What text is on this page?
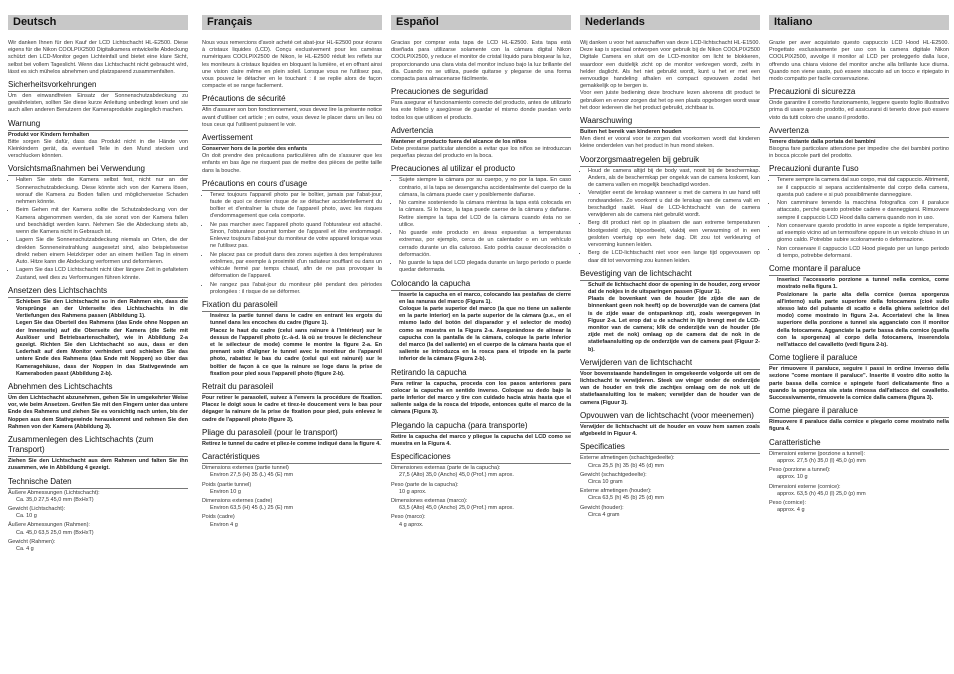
Deutsch

Wir danken Ihnen für den Kauf der LCD Lichtschacht HL-E2500. Diese eigens für die Nikon COOLPIX2500 Digitalkamera entwickelte Abdeckung schützt den LCD-Monitor gegen Lichteinfall und bietet eine klare Sicht, selbst bei vollem Tageslicht. Wenn das Lichtschacht nicht gebraucht wird, lässt es sich mühelos abnehmen und platzsparend zusammenfalten.

Sicherheitsvorkehrungen

Um den einwandfreien Einsatz der Sonnenschutzabdeckung zu gewährleisten, sollten Sie diese kurze Anleitung unbedingt lesen und sie auch allen anderen Benutzern der Kameraprodukte zugänglich machen.

Warnung

Produkt vor Kindern fernhalten

Bitte sorgen Sie dafür, dass das Produkt nicht in die Hände von Kleinkindern gerät, da eventuell Teile in den Mund stecken und verschlucken könnten.

Vorsichtsmaßnahmen bei Verwendung
• Halten Sie stets die Kamera selbst fest, nicht nur an der Sonnenschutzabdeckung. Diese könnte sich von der Kamera lösen, worauf die Kamera zu Boden fallen und möglicherweise Schaden nehmen könnte.
• Beim Gehen mit der Kamera sollte die Schutzabdeckung von der Kamera abgenommen werden, da sie sonst von der Kamera fallen und beschädigt werden kann. Nehmen Sie die Abdeckung stets ab, wenn die Kamera nicht in Gebrauch ist.
• Lagern Sie die Sonnenschutzabdeckung niemals an Orten, die der direkten Sonneneinstrahlung ausgesetzt sind, also beispielsweise direkt neben einem Heizkörper oder an einem heißen Tag in einem Auto. Hitze kann die Abdeckung verformen und deformieren.
• Lagern Sie das LCD Lichtschacht nicht über längere Zeit in gefaltetem Zustand, weil dies zu Verformungen führen könnte.
Ansetzen des Lichtschachts

Schieben Sie den Lichtschacht so in den Rahmen ein, dass die Vorsprünge an der Unterseite des Lichtschachts in die Vertiefungen des Rahmens passen (Abbildung 1).

Legen Sie das Oberteil des Rahmens (das Ende ohne Noppen an der Innenseite) auf die Oberseite der Kamera (die Seite mit Auslöser und Betriebsartenschalter), wie in Abbildung 2-a gezeigt. Richten Sie den Lichtschacht so aus, dass er den Lederhalt auf dem Monitor verhindert und schieben Sie das untere Ende des Rahmens (das Ende mit Noppen) so über das Kameragehäuse, dass der Noppen in das Stativgewinde am Kameraboden passt (Abbildung 2-b).

Abnehmen des Lichtschachts

Um den Lichtschacht abzunehmen, gehen Sie in umgekehrter Weise vor, wie beim Ansetzen. Greifen Sie mit den Fingern unter das untere Ende des Rahmens und ziehen Sie es vorsichtig nach unten, bis der Noppen aus dem Stativgewinde herauskommt und nehmen Sie den Rahmen von der Kamera (Abbildung 3).

Zusammenlegen des Lichtschachts (zum Transport)

Ziehen Sie den Lichtschacht aus dem Rahmen und falten Sie ihn zusammen, wie in Abbildung 4 gezeigt.

Technische Daten

Äußere Abmessungen (Lichtschacht):

Ca. 35,0 27,5 45,0 mm (BxHxT)

Gewicht (Lichtschacht):

Ca. 10 g

Äußere Abmessungen (Rahmen):

Ca. 45,0 63,5 25,0 mm (BxHxT)

Gewicht (Rahmen):

Ca. 4 g

Français

Nous vous remercions d'avoir acheté cet abat-jour HL-E2500 pour écrans à cristaux liquides (LCD). Conçu exclusivement pour les caméras numériques COOLPIX2500 de Nikon, le HL-E2500 réduit les reflets sur les moniteurs à cristaux liquides en bloquant la lumière, et en offrant ainsi une vision claire même en plein soleil. Lorsque vous ne l'utilisez pas, vous pouvez le détacher en le touchant : il se replie alors de façon compacte et se range facilement.

Précautions de sécurité

Afin d'assurer son bon fonctionnement, vous devez lire la présente notice avant d'utiliser cet article ; en outre, vous devez le placer dans un lieu où tous ceux qui l'utilisent puissent le voir.

Avertissement

Conserver hors de la portée des enfants

On doit prendre des précautions particulières afin de s'assurer que les enfants en bas âge ne risquent pas de mettre des pièces de petite taille dans la bouche.

Précautions en cours d'usage
• Tenez toujours l'appareil photo par le boîtier, jamais par l'abat-jour, faute de quoi ce dernier risque de se détacher accidentellement du boîtier et d'entraîner la chute de l'appareil photo, avec les risques d'endommagement que cela comporte.
• Ne pas marcher avec l'appareil photo quand l'obturateur est attaché. Sinon, l'obturateur pourrait tomber de l'appareil et être endommagé. Enlevez toujours l'abat-jour du moniteur de votre appareil lorsque vous ne l'utilisez pas.
• Ne placez pas ce produit dans des zones sujettes à des températures extrêmes, par exemple à proximité d'un radiateur soufflant ou dans un véhicule fermé par temps chaud, afin de ne pas provoquer la déformation de l'appareil.
• Ne rangez pas l'abat-jour du moniteur plié pendant des périodes prolongées : il risque de se déformer.
Fixation du parasoleil

Insérez la partie tunnel dans le cadre en entrant les ergots du tunnel dans les encoches du cadre (figure 1).

Placez le haut du cadre (celui sans rainure à l'intérieur) sur le dessus de l'appareil photo (c.-à-d. là où se trouve le déclencheur et le sélecteur de mode) comme le montre la figure 2-a. En prenant soin d'aligner le tunnel avec le moniteur de l'appareil photo, rabattez le bas du cadre (celui qui est rainuré) sur le boîtier de façon à ce que la rainure se loge dans la prise de fixation pour pied sous l'appareil photo (figure 2-b).

Retrait du parasoleil

Pour retirer le parasoleil, suivez à l'envers la procédure de fixation. Placez le doigt sous le cadre et tirez-le doucement vers le bas pour dégager la rainure de la prise de fixation pour pied, puis enlevez le cadre de l'appareil photo (figure 3).

Pliage du parasoleil (pour le transport)

Retirez le tunnel du cadre et pliez-le comme indiqué dans la figure 4.

Caractéristiques

Dimensions externes (partie tunnel)

Environ 27,5 (H) 35 (L) 45 (E) mm

Poids (partie tunnel)

Environ 10 g

Dimensions externes (cadre)

Environ 63,5 (H) 45 (L) 25 (E) mm

Poids (cadre)

Environ 4 g

Español

Gracias por comprar esta tapa de LCD HL-E2500. Esta tapa está diseñada para utilizarse solamente con la cámara digital Nikon COOLPIX2500, y reduce el monitor de cristal líquido para bloquear la luz, proporcionando una clara vista del monitor incluso bajo la luz brillante del día. Cuando no se utiliza, puede quitarse y plegarse de una forma compacta para almacenarse fácilmente.

Precauciones de seguridad

Para asegurar el funcionamiento correcto del producto, antes de utilizarlo lea este folleto y asegúrese de guardar el mismo donde puedan verlo todos los que utilicen el producto.

Advertencia

Mantener el producto fuera del alcance de los niños

Debe prestarse particular atención a evitar que los niños se introduzcan pequeñas piezas del producto en la boca.

Precauciones al utilizar el producto
• Sujete siempre la cámara por su cuerpo, y no por la tapa. En caso contrario, si la tapa se desengancha accidentalmente del cuerpo de la cámara, la cámara puede caer y posiblemente dañarse.
• No camine sosteniendo la cámara mientras la tapa está colocada en la cámara. Si lo hace, la tapa puede caerse de la cámara y dañarse. Retire siempre la tapa del LCD de la cámara cuando ésta no se utilice.
• No guarde este producto en áreas expuestas a temperaturas extremas, por ejemplo, cerca de un calentador o en un vehículo cerrado durante un día caluroso. Esto podría causar decoloración o deformación.
• No guarde la tapa del LCD plegada durante un largo período o puede quedar deformada.
Colocando la capucha

Inserte la capucha en el marco, colocando las pestañas de cierre en las ranuras del marco (Figura 1).

Coloque la parte superior del marco (la que no tiene un saliente en la parte interior) en la parte superior de la cámara (p.e., en el mismo lado del botón del disparador y el selector de modo) como se muestra en la Figura 2-a. Asegurándose de alinear la capucha con la pantalla de la cámara, coloque la parte inferior del marco (la del saliente) en el cuerpo de la cámara hasta que el saliente se introduzca en la rosca para el trípode en la parte inferior de la cámara (Figura 2-b).

Retirando la capucha

Para retirar la capucha, proceda con los pasos anteriores para colocar la capucha en sentido inverso. Coloque su dedo bajo la parte inferior del marco y tire con cuidado hacia atrás hasta que el saliente salga de la rosca del trípode, entonces quite el marco de la cámara (Figura 3).

Plegando la capucha (para transporte)

Retire la capucha del marco y pliegue la capucha del LCD como se muestra en la Figura 4.

Especificaciones

Dimensiones externas (parte de la capucha):

27,5 (Alto) 35,0 (Ancho) 45,0 (Prof.) mm aprox.

Peso (parte de la capucha):

10 g aprox.

Dimensiones externas (marco):

63,5 (Alto) 45,0 (Ancho) 25,0 (Prof.) mm aprox.

Peso (marco):

4 g aprox.

Nederlands

Wij danken u voor het aanschaffen van deze LCD-lichtschacht HL-E1500. Deze kap is speciaal ontworpen voor gebruik bij de Nikon COOLPIX2500 Digitale Camera en sluit om de LCD-monitor om licht te blokkeren, waardoor een duidelijk zicht op de monitor verkregen wordt, zelfs in helder daglicht. Als het niet gebruikt wordt, kunt u het er met een eenvoudige handeling afhalen en compact opvouwen zodat het gemakkelijk op te bergen is.

Voor een juiste bediening deze brochure lezen alvorens dit product te gebruiken en ervoor zorgen dat het op een plaats opgeborgen wordt waar het door iedereen die het product gebruikt, zichtbaar is.

Waarschuwing

Buiten het bereik van kinderen houden

Men dient er vooral voor te zorgen dat voorkomen wordt dat kinderen kleine onderdelen van het product in hun mond steken.

Voorzorgsmaatregelen bij gebruik
• Houd de camera altijd bij de body vast, nooit bij de beschermkap. Anders, als de beschermkap per ongeluk van de camera loskomt, kan de camera vallen en mogelijk beschadigd worden.
• Verwijder eerst de lenskap wanneer u met de camera in uw hand wilt rondwandelen. Zo voorkomt u dat de lenskap van de camera valt en beschadigd raakt. Haal de LCD-lichtschacht van de camera verwijderen als de camera niet gebruikt wordt.
• Berg dit product niet op in plaatsen die aan extreme temperaturen blootgesteld zijn, bijvoorbeeld, vlakbij een verwarming of in een gesloten voertuig op een hete dag. Dit zou tot verkleuring of vervorming kunnen leiden.
• Berg de LCD-lichtschacht niet voor een lange tijd opgevouwen op daar dit tot vervorming zou kunnen leiden.
Bevestiging van de lichtschacht

Schuif de lichtschacht door de opening in de houder, zorg ervoor dat de nokjes in de uitsparingen passen (Figuur 1).

Plaats de bovenkant van de houder (de zijde die aan de binnenkant geen nok heeft) op de bovenzijde van de camera (dat is de zijde waar de ontspanknop zit), zoals weergegeven in Figuur 2-a. Let erop dat u de schacht in lijn brengt met de LCD-monitor van de camera; klik de onderzijde van de houder (de zijde met de nok) omlaag op de camera dat de nok in de statiefaansluiting op de onderzijde van de camera past (Figuur 2-b).

Verwijderen van de lichtschacht

Voor bovenstaande handelingen in omgekeerde volgorde uit om de lichtschacht te verwijderen. Steek uw vinger onder de onderzijde van de houder en trek die zachtjes omlaag om de nok uit de statiefaansluiting los te maken; verwijder dan de houder van de camera (Figuur 3).

Opvouwen van de lichtschacht (voor meenemen)

Verwijder de lichtschacht uit de houder en vouw hem samen zoals afgebeeld in Figuur 4.

Specificaties

Externe afmetingen (schachtgedeelte):

Circa 25,5 (h) 35 (b) 45 (d) mm

Gewicht (schachtgedeelte):

Circa 10 gram

Externe afmetingen (houder):

Circa 63,5 (h) 45 (b) 25 (d) mm

Gewicht (houder):

Circa 4 gram

Italiano

Grazie per aver acquistato questo cappuccio LCD Hood HL-E2500. Progettato esclusivamente per uso con la camera digitale Nikon COOLPIX2500, avvolge il monitor al LCD per proteggerlo dalla luce, offrendo una chiara visione del monitor anche alla brillante luce diurna. Quando non viene usato, può essere staccato ad un tocco e ripiegato in modo compatto per facile conservazione.

Precauzioni di sicurezza

Onde garantire il corretto funzionamento, leggere questo foglio illustrativo prima di usare questo prodotto, ed assicurarsi di tenerlo dove può essere visto da tutti coloro che usano il prodotto.

Avvertenza

Tenere distante dalla portata dei bambini

Bisogna fare particolare attenzione per impedire che dei bambini portino in bocca piccole parti del prodotto.

Precauzioni durante l'uso
• Tenere sempre la camera dal suo corpo, mai dal cappuccio. Altrimenti, se il cappuccio si separa accidentalmente dal corpo della camera, questa può cadere e si può possibilmente danneggiare.
• Non camminare tenendo la macchina fotografica con il paraluce attaccato, perché questo potrebbe cadere e danneggiarsi. Rimuovere sempre il cappuccio LCD Hood dalla camera quando non in uso.
• Non conservare questo prodotto in aree esposte a rigide temperature, ad esempio vicino ad un termosifone oppure in un veicolo chiuso in un giorno caldo. Potrebbe subire scoloramento o deformazione.
• Non conservare il cappuccio LCD Hood piegato per un lungo periodo di tempo, potrebbe deformarsi.
Come montare il paraluce

Inserisci l'accessorio porzione a tunnel nella cornice, come mostrato nella figura 1.

Posizionare la parte alta della cornice (senza sporgenza all'interno) sulla parte superiore della fotocamera (cioè sullo stesso lato del pulsante di scatto e della ghiera selettrice del modo) come mostrato in figura 2-a. Accertatevi che la linea superiore della porzione a tunnel sia agganciato con il monitor della fotocamera. Agganciate la parte bassa della cornice (quella con la sporgenza) al corpo della fotocamera, inserendola nell'attacco del cavalletto (vedi figura 2-b).

Come togliere il paraluce

Per rimuovere il paraluce, seguire i passi in ordine inverso della sezione "come montare il paraluce". Inserite il vostro dito sotto la parte bassa della cornice e spingete fuori delicatamente fino a quando la sporgenza sia stata rimossa dall'attacco del cavalletto. Successivamente, rimuovete la cornice dalla camera (figura 3).

Come piegare il paraluce

Rimuovere il paraluce dalla cornice e piegarlo come mostrato nella figura 4.

Caratteristiche

Dimensioni esterne (porzione a tunnel):

approx. 27,5 (h) 35,0 (l) 45,0 (p) mm

Peso (porzione a tunnel):

approx. 10 g

Dimensioni esterne (cornice):

approx. 63,5 (h) 45,0 (l) 25,0 (p) mm

Peso (cornice):

approx. 4 g
